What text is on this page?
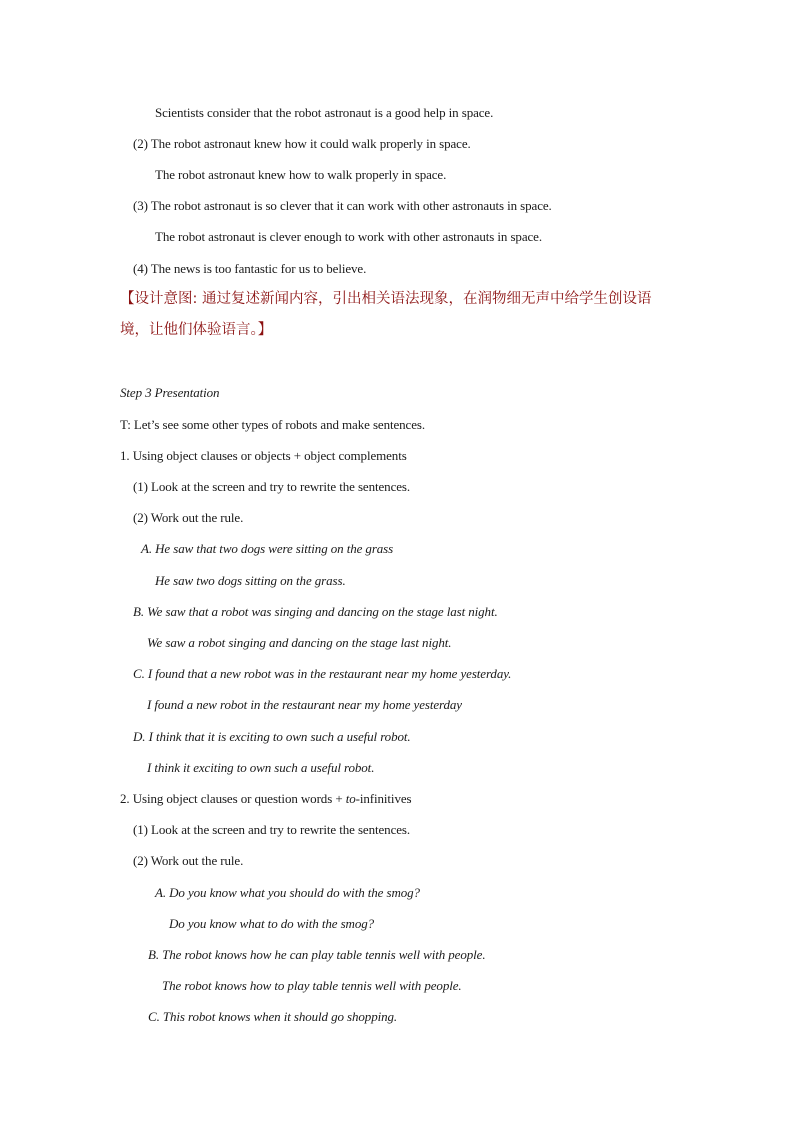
Scientists consider that the robot astronaut is a good help in space.
(2) The robot astronaut knew how it could walk properly in space.
The robot astronaut knew how to walk properly in space.
(3) The robot astronaut is so clever that it can work with other astronauts in space.
The robot astronaut is clever enough to work with other astronauts in space.
(4) The news is too fantastic for us to believe.
【设计意图: 通过复述新闻内容，引出相关语法现象，在润物细无声中给学生创设语境，让他们体验语言。】
Step 3 Presentation
T: Let’s see some other types of robots and make sentences.
1. Using object clauses or objects + object complements
(1) Look at the screen and try to rewrite the sentences.
(2) Work out the rule.
A. He saw that two dogs were sitting on the grass
He saw two dogs sitting on the grass.
B. We saw that a robot was singing and dancing on the stage last night.
We saw a robot singing and dancing on the stage last night.
C. I found that a new robot was in the restaurant near my home yesterday.
I found a new robot in the restaurant near my home yesterday
D. I think that it is exciting to own such a useful robot.
I think it exciting to own such a useful robot.
2. Using object clauses or question words + to-infinitives
(1) Look at the screen and try to rewrite the sentences.
(2) Work out the rule.
A. Do you know what you should do with the smog?
Do you know what to do with the smog?
B. The robot knows how he can play table tennis well with people.
The robot knows how to play table tennis well with people.
C. This robot knows when it should go shopping.
